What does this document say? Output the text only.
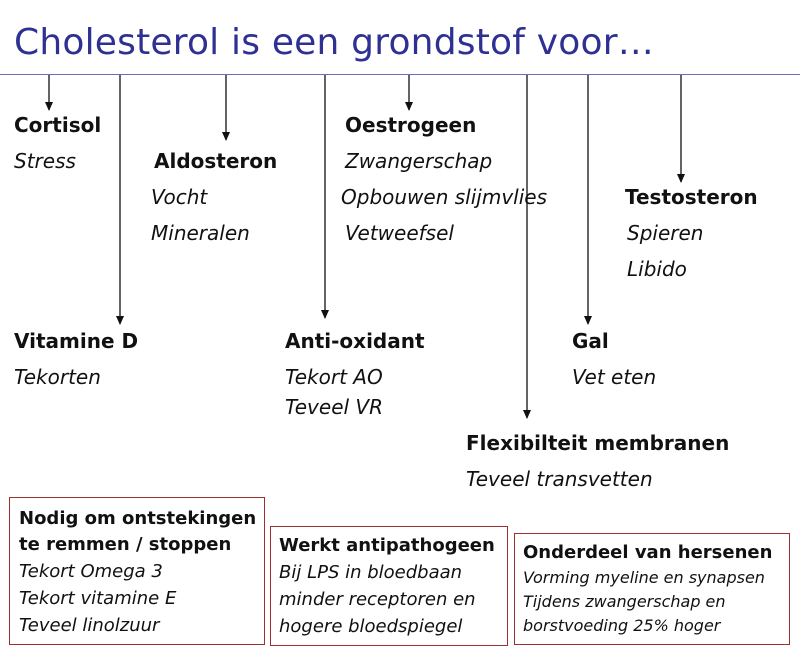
Cholesterol is een grondstof voor…
Cortisol
Stress	Aldosteron
Vocht
Mineralen
Oestrogeen
Zwangerschap
Opbouwen slijmvlies
Vetweefsel
Testosteron
Spieren
Libido
Vitamine D
Tekorten
Anti-oxidant
Tekort AO
Teveel VR
Gal
Vet eten
Flexibilteit membranen
Teveel transvetten
Nodig om ontstekingen
te remmen / stoppen
Tekort Omega 3
Tekort vitamine E
Teveel linolzuur
Werkt antipathogeen
Bij LPS in bloedbaan
minder receptoren en
hogere bloedspiegel
Onderdeel van hersenen
Vorming myeline en synapsen
Tijdens zwangerschap en
borstvoeding 25% hoger
